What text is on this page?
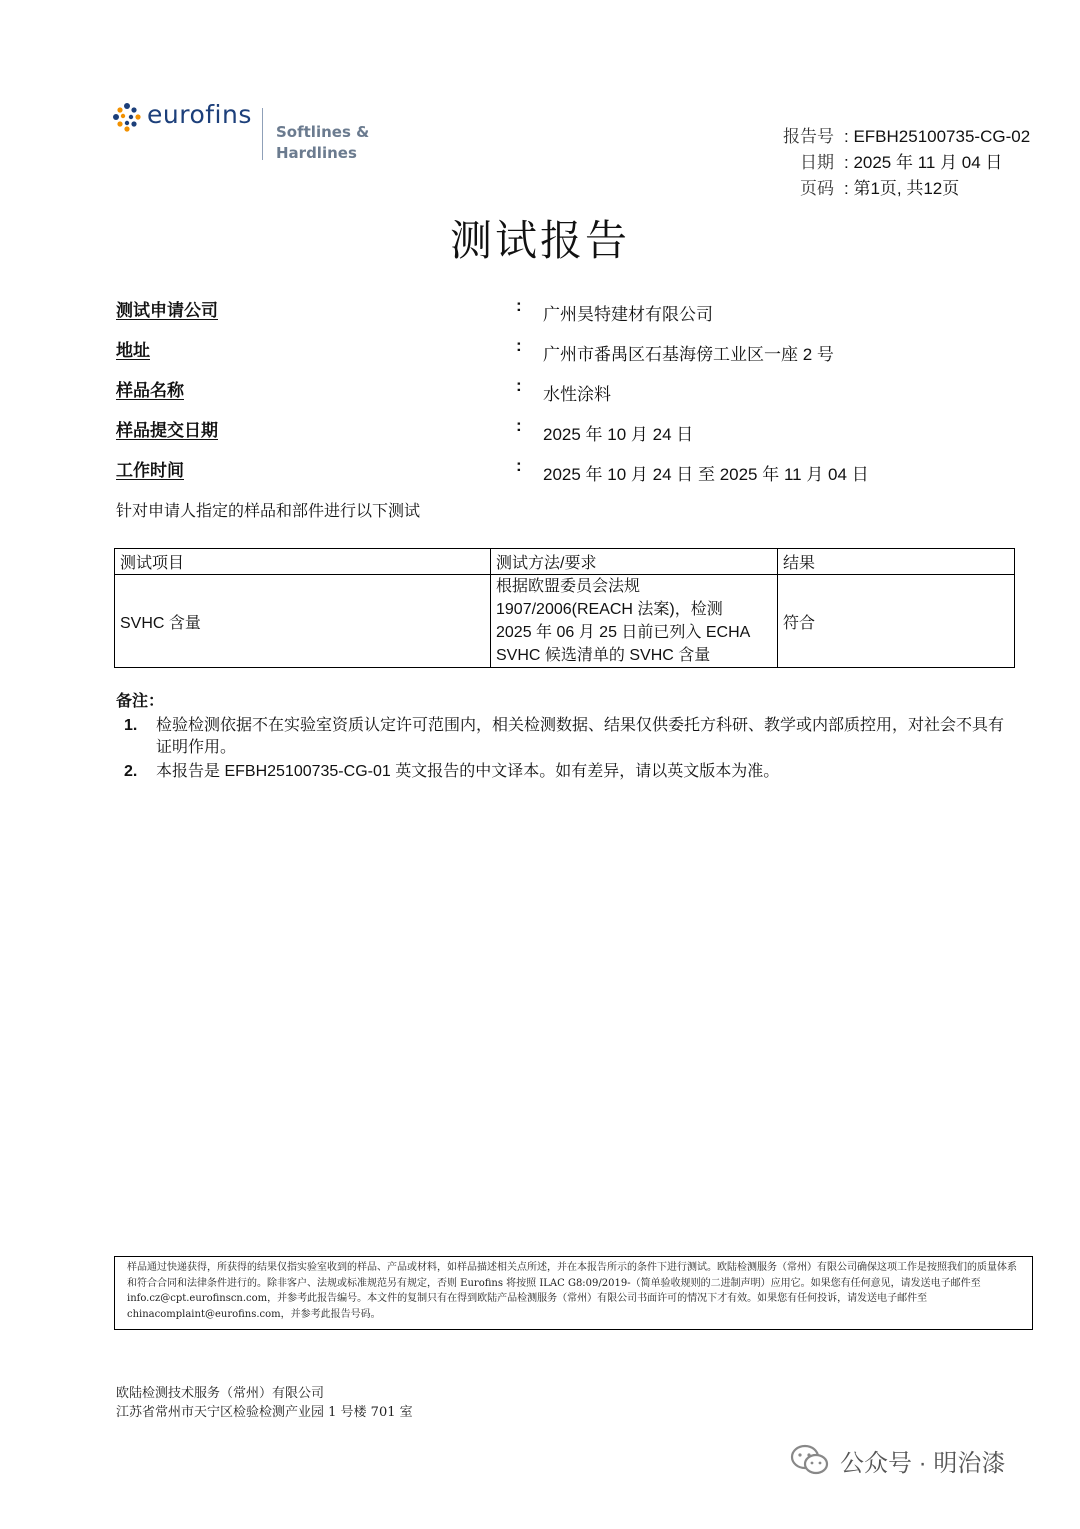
eurofins
Softlines &
Hardlines
报告号 : EFBH25100735-CG-02
日期 : 2025 年 11 月 04 日
页码 : 第1页, 共12页
测试报告
测试申请公司	: 广州昊特建材有限公司
地址	: 广州市番禺区石基海傍工业区一座 2 号
样品名称	: 水性涂料
样品提交日期	: 2025 年 10 月 24 日
工作时间	: 2025 年 10 月 24 日 至 2025 年 11 月 04 日
针对申请人指定的样品和部件进行以下测试
测试项目	测试方法/要求	结果
SVHC 含量	根据欧盟委员会法规
1907/2006(REACH 法案)，检测
2025 年 06 月 25 日前已列入 ECHA
SVHC 候选清单的 SVHC 含量	符合
备注：
1. 检验检测依据不在实验室资质认定许可范围内，相关检测数据、结果仅供委托方科研、教学或内部质控用，对社会不具有证明作用。
2. 本报告是 EFBH25100735-CG-01 英文报告的中文译本。如有差异，请以英文版本为准。
样品通过快递获得，所获得的结果仅指实验室收到的样品、产品或材料，如样品描述相关点所述，并在本报告所示的条件下进行测试。欧陆检测服务（常州）有限公司确保这项工作是按照我们的质量体系和符合合同和法律条件进行的。除非客户、法规或标准规范另有规定，否则 Eurofins 将按照 ILAC G8:09/2019-（简单验收规则的二进制声明）应用它。如果您有任何意见，请发送电子邮件至 info.cz@cpt.eurofinscn.com，并参考此报告编号。本文件的复制只有在得到欧陆产品检测服务（常州）有限公司书面许可的情况下才有效。如果您有任何投诉，请发送电子邮件至 chinacomplaint@eurofins.com，并参考此报告号码。
欧陆检测技术服务（常州）有限公司
江苏省常州市天宁区检验检测产业园 1 号楼 701 室
公众号 · 明治漆
